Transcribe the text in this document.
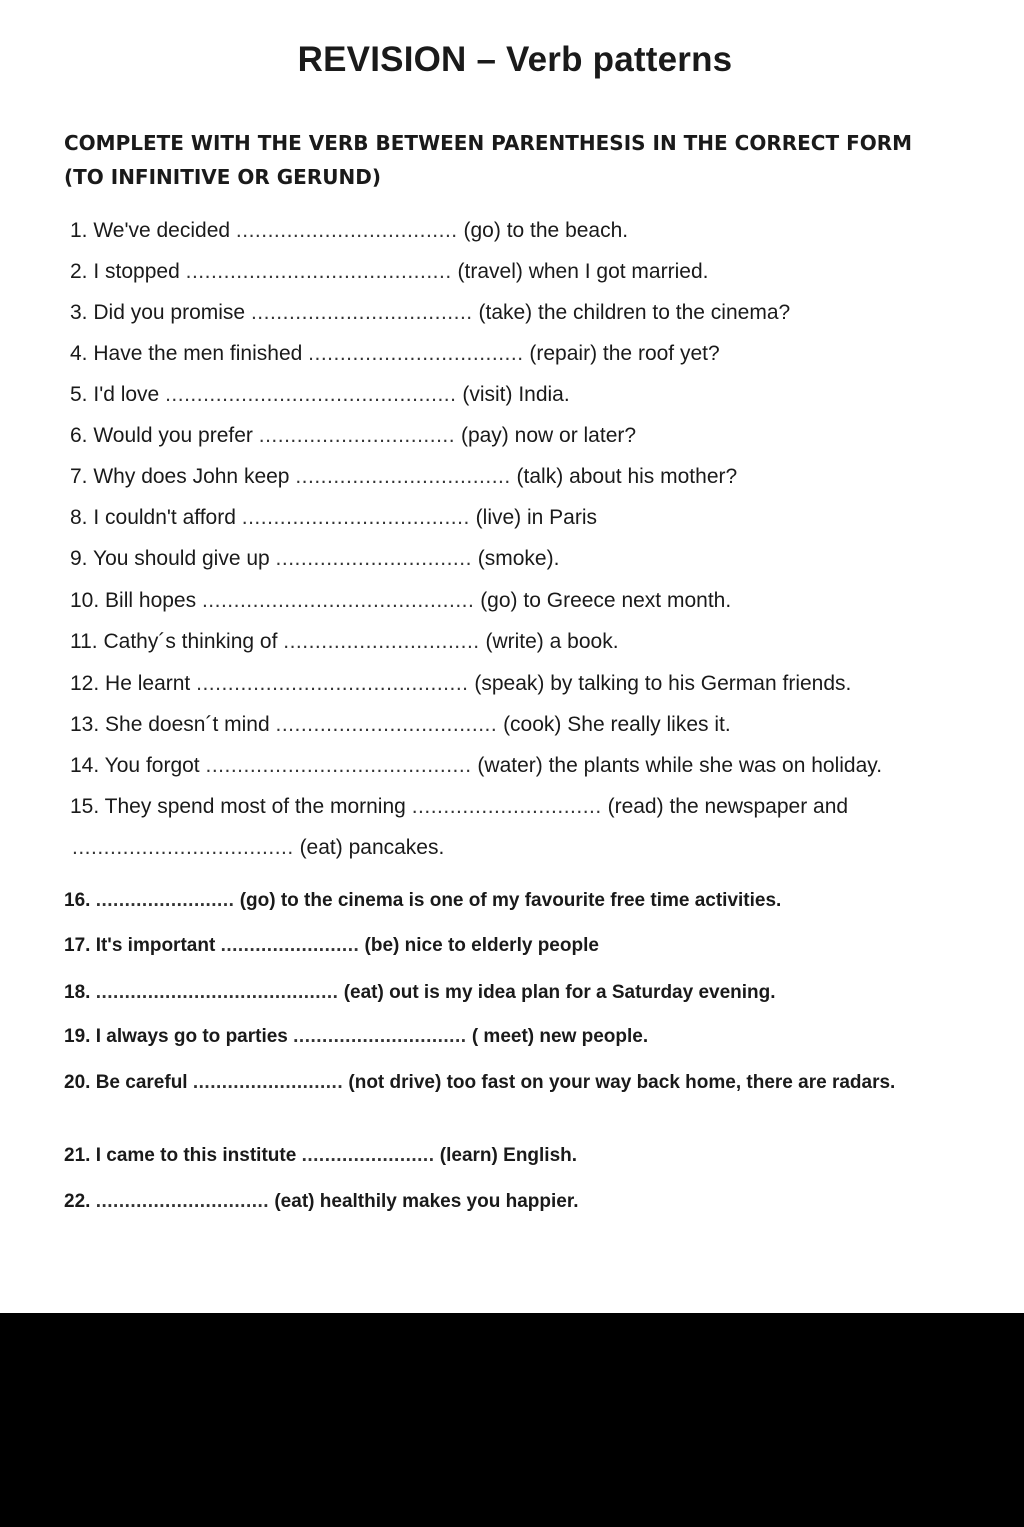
REVISION – Verb patterns

COMPLETE WITH THE VERB BETWEEN PARENTHESIS IN THE CORRECT FORM (TO INFINITIVE OR GERUND)

1. We've decided ................................... (go) to the beach.
2. I stopped .......................................... (travel) when I got married.
3. Did you promise ................................... (take) the children to the cinema?
4. Have the men finished .................................. (repair) the roof yet?
5. I'd love .............................................. (visit) India.
6. Would you prefer ............................... (pay) now or later?
7. Why does John keep .................................. (talk) about his mother?
8. I couldn't afford .................................... (live) in Paris
9. You should give up ............................... (smoke).
10. Bill hopes ........................................... (go) to Greece next month.
11. Cathy´s thinking of ............................... (write) a book.
12. He learnt ........................................... (speak) by talking to his German friends.
13. She doesn´t mind ................................... (cook) She really likes it.
14. You forgot .......................................... (water) the plants while she was on holiday.
15. They spend most of the morning .............................. (read) the newspaper and
................................... (eat) pancakes.
16. ........................ (go) to the cinema is one of my favourite free time activities.
17. It's important ........................ (be) nice to elderly people
18. .......................................... (eat) out is my idea plan for a Saturday evening.
19. I always go to parties .............................. ( meet) new people.
20. Be careful .......................... (not drive) too fast on your way back home, there are radars.
21. I came to this institute ....................... (learn) English.
22. .............................. (eat) healthily makes you happier.
